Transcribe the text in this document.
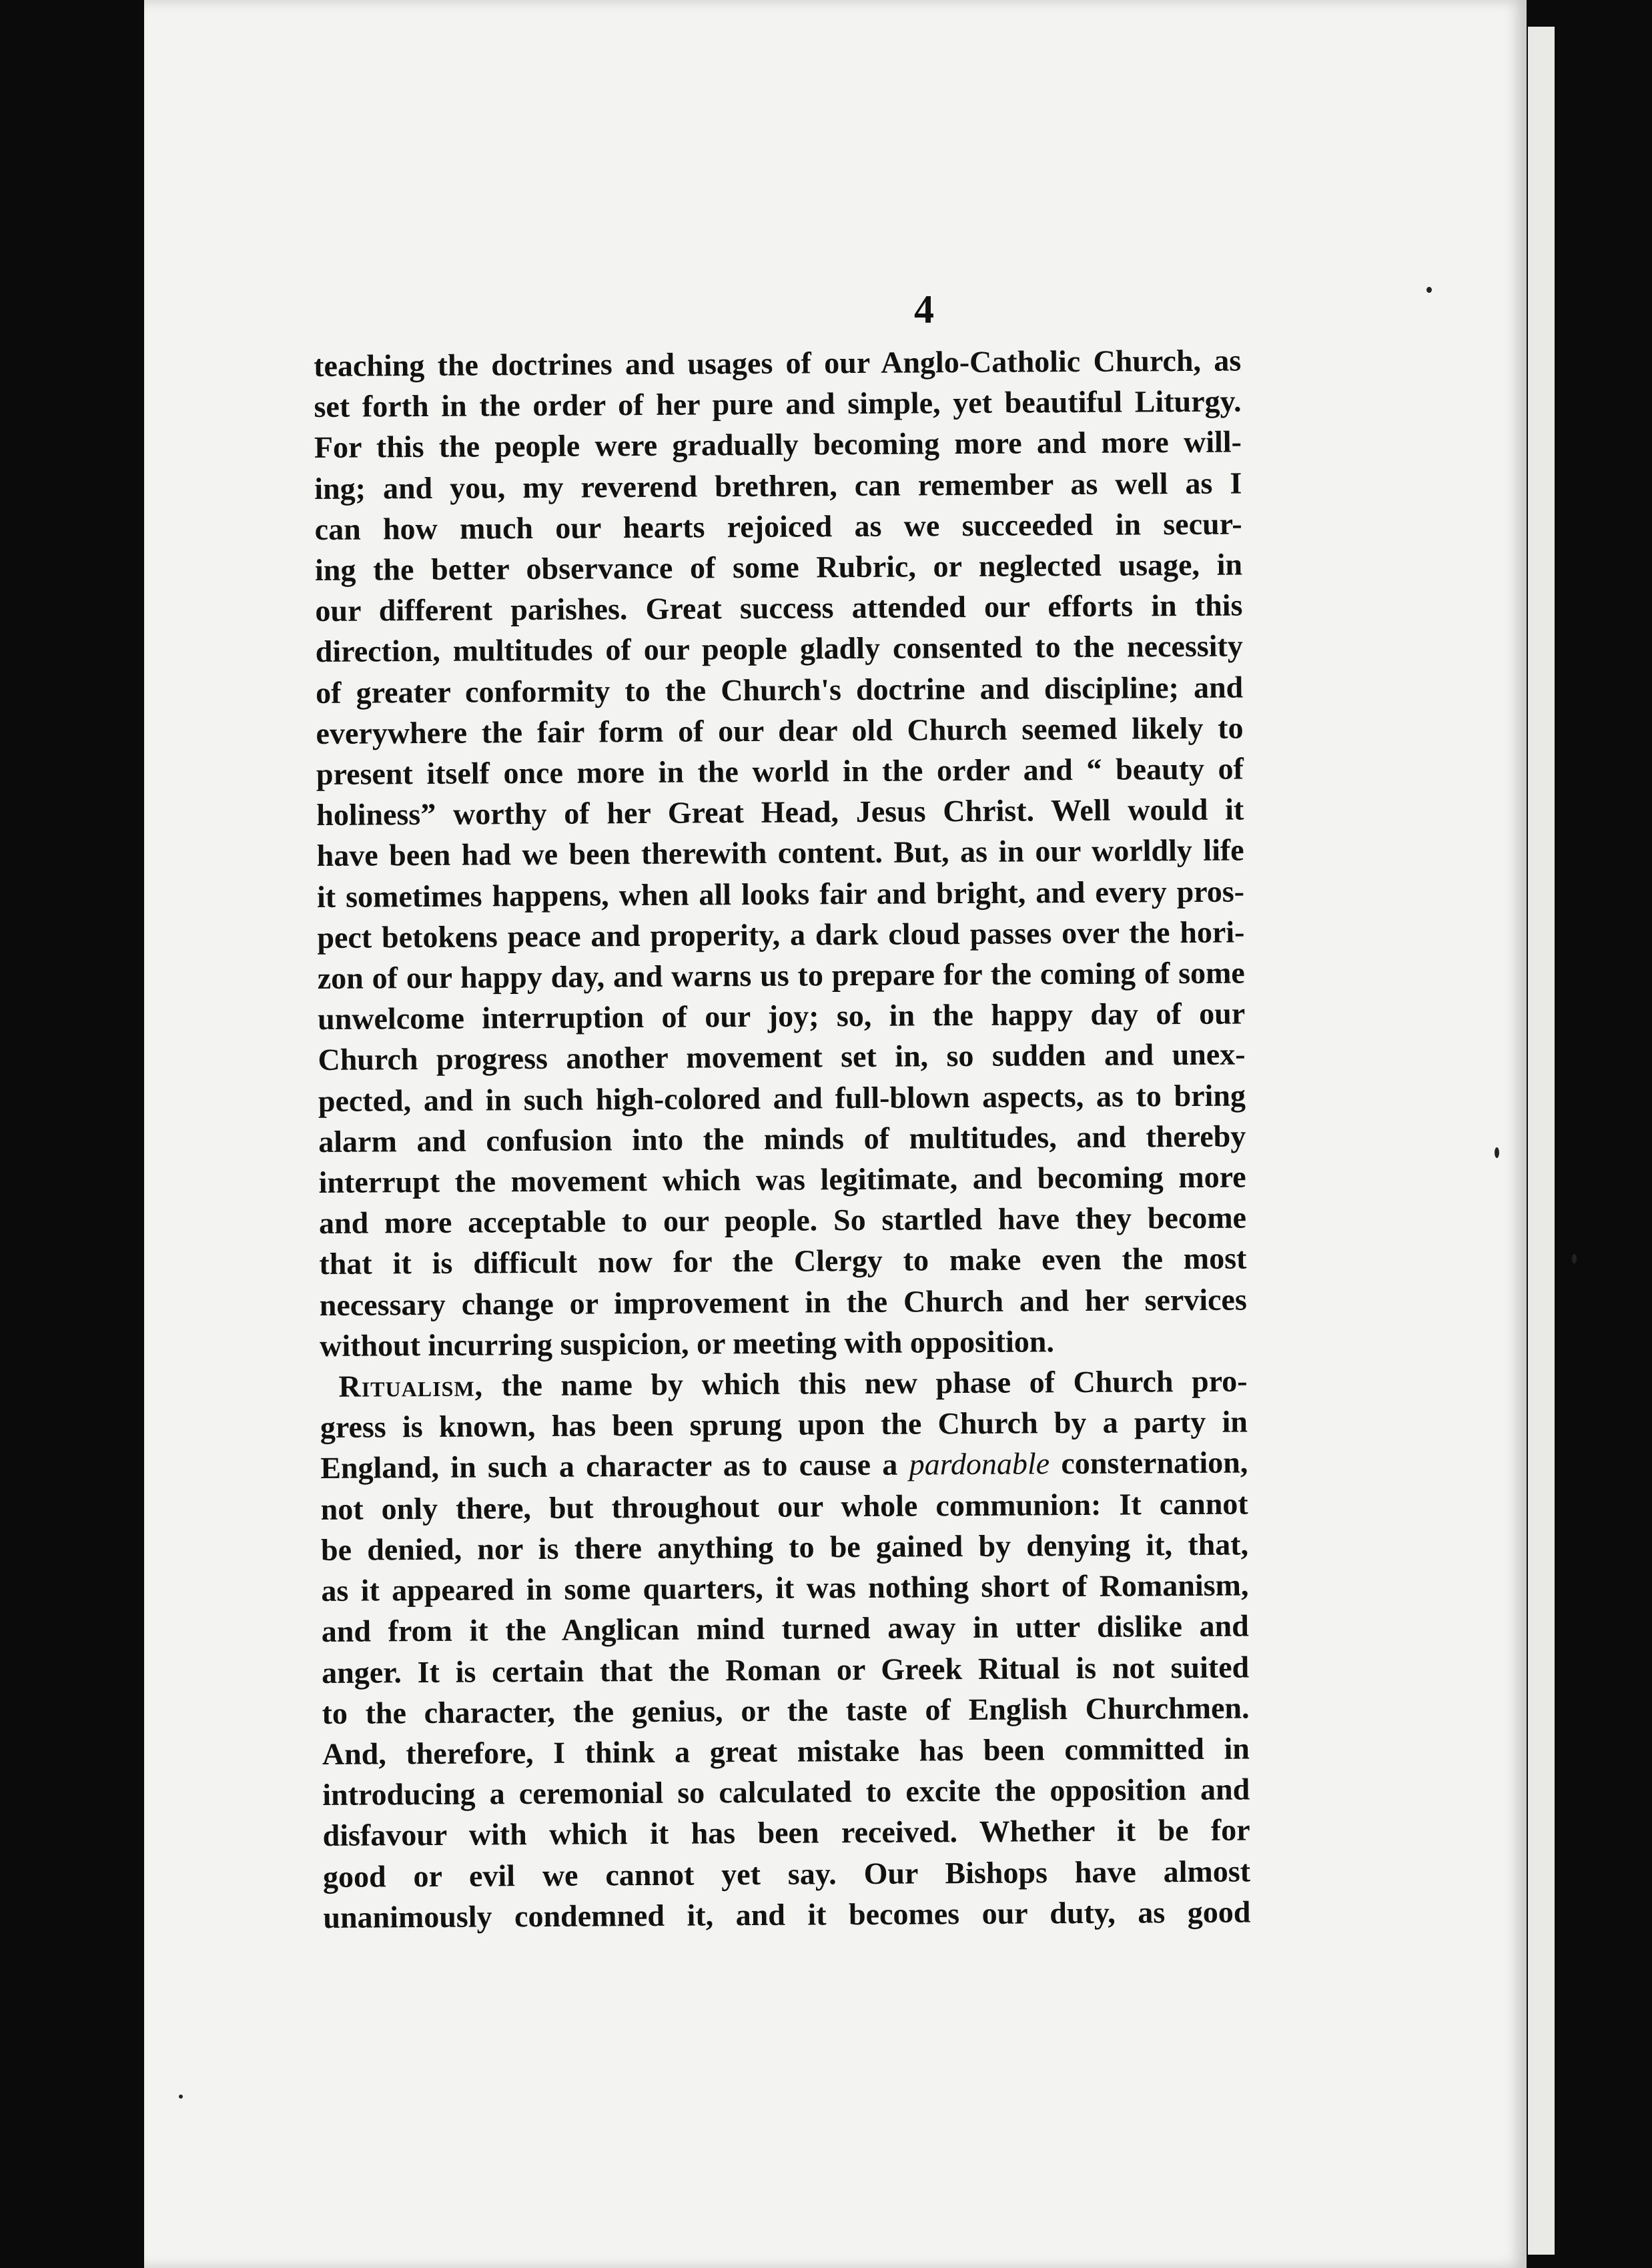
4

teaching the doctrines and usages of our Anglo-Catholic Church, as
set forth in the order of her pure and simple, yet beautiful Liturgy.
For this the people were gradually becoming more and more will-
ing; and you, my reverend brethren, can remember as well as I
can how much our hearts rejoiced as we succeeded in secur-
ing the better observance of some Rubric, or neglected usage, in
our different parishes. Great success attended our efforts in this
direction, multitudes of our people gladly consented to the necessity
of greater conformity to the Church's doctrine and discipline; and
everywhere the fair form of our dear old Church seemed likely to
present itself once more in the world in the order and “ beauty of
holiness” worthy of her Great Head, Jesus Christ. Well would it
have been had we been therewith content. But, as in our worldly life
it sometimes happens, when all looks fair and bright, and every pros-
pect betokens peace and properity, a dark cloud passes over the hori-
zon of our happy day, and warns us to prepare for the coming of some
unwelcome interruption of our joy; so, in the happy day of our
Church progress another movement set in, so sudden and unex-
pected, and in such high-colored and full-blown aspects, as to bring
alarm and confusion into the minds of multitudes, and thereby
interrupt the movement which was legitimate, and becoming more
and more acceptable to our people. So startled have they become
that it is difficult now for the Clergy to make even the most
necessary change or improvement in the Church and her services
without incurring suspicion, or meeting with opposition.

Ritualism, the name by which this new phase of Church pro-
gress is known, has been sprung upon the Church by a party in
England, in such a character as to cause a pardonable consternation,
not only there, but throughout our whole communion: It cannot
be denied, nor is there anything to be gained by denying it, that,
as it appeared in some quarters, it was nothing short of Romanism,
and from it the Anglican mind turned away in utter dislike and
anger. It is certain that the Roman or Greek Ritual is not suited
to the character, the genius, or the taste of English Churchmen.
And, therefore, I think a great mistake has been committed in
introducing a ceremonial so calculated to excite the opposition and
disfavour with which it has been received. Whether it be for
good or evil we cannot yet say. Our Bishops have almost
unanimously condemned it, and it becomes our duty, as good
